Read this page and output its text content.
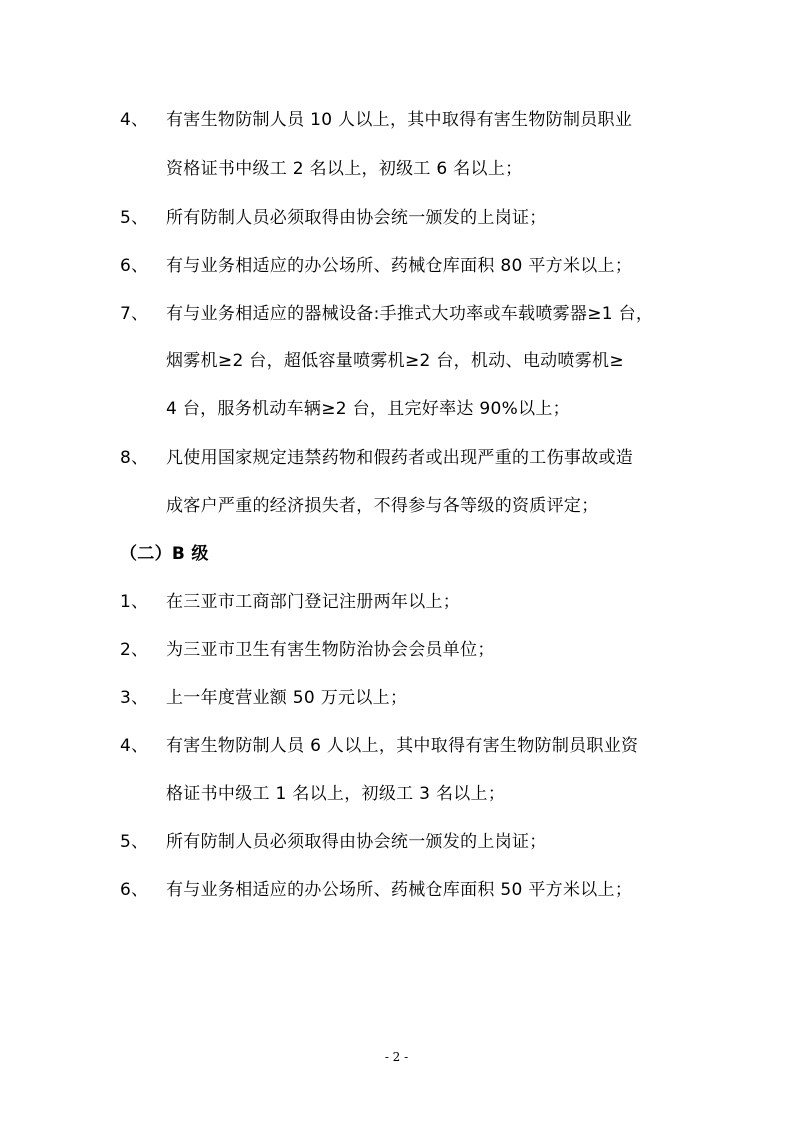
4、 有害生物防制人员 10 人以上，其中取得有害生物防制员职业
资格证书中级工 2 名以上，初级工 6 名以上；
5、 所有防制人员必须取得由协会统一颁发的上岗证；
6、 有与业务相适应的办公场所、药械仓库面积 80 平方米以上；
7、 有与业务相适应的器械设备:手推式大功率或车载喷雾器≥1 台，
烟雾机≥2 台，超低容量喷雾机≥2 台，机动、电动喷雾机≥
4 台，服务机动车辆≥2 台，且完好率达 90%以上；
8、 凡使用国家规定违禁药物和假药者或出现严重的工伤事故或造
成客户严重的经济损失者，不得参与各等级的资质评定；
（二）B 级
1、 在三亚市工商部门登记注册两年以上；
2、 为三亚市卫生有害生物防治协会会员单位；
3、 上一年度营业额 50 万元以上；
4、 有害生物防制人员 6 人以上，其中取得有害生物防制员职业资
格证书中级工 1 名以上，初级工 3 名以上；
5、 所有防制人员必须取得由协会统一颁发的上岗证；
6、 有与业务相适应的办公场所、药械仓库面积 50 平方米以上；
- 2 -
